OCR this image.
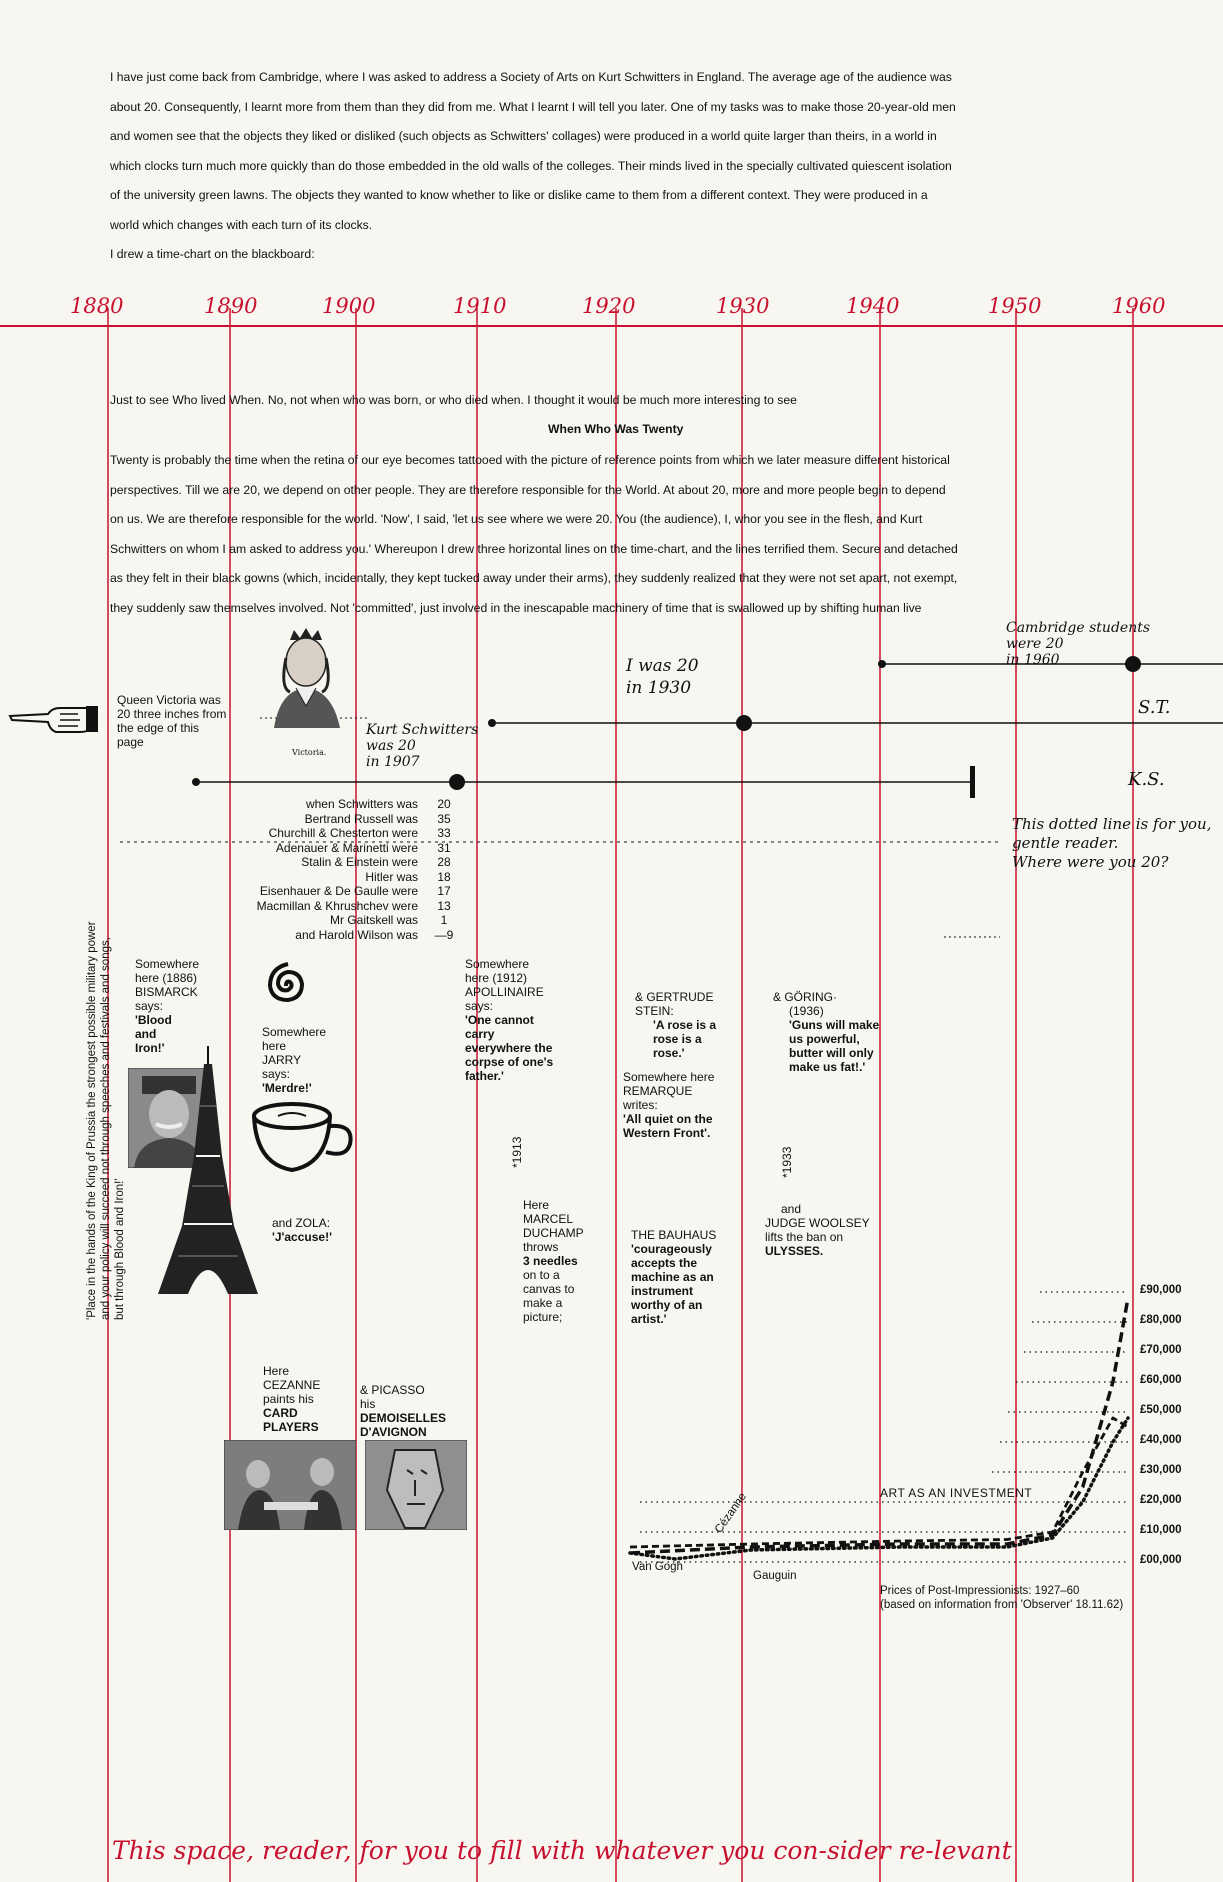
I have just come back from Cambridge, where I was asked to address a Society of Arts on Kurt Schwitters in England. The average age of the audience was
about 20. Consequently, I learnt more from them than they did from me. What I learnt I will tell you later. One of my tasks was to make those 20-year-old men
and women see that the objects they liked or disliked (such objects as Schwitters' collages) were produced in a world quite larger than theirs, in a world in
which clocks turn much more quickly than do those embedded in the old walls of the colleges. Their minds lived in the specially cultivated quiescent isolation
of the university green lawns. The objects they wanted to know whether to like or dislike came to them from a different context. They were produced in a
world which changes with each turn of its clocks.
I drew a time-chart on the blackboard:
1880	1890	1900	1910	1920	1930	1940	1950	1960
Just to see Who lived When. No, not when who was born, or who died when. I thought it would be much more interesting to see
When Who Was Twenty
Twenty is probably the time when the retina of our eye becomes tattooed with the picture of reference points from which we later measure different historical
perspectives. Till we are 20, we depend on other people. They are therefore responsible for the World. At about 20, more and more people begin to depend
on us. We are therefore responsible for the world. 'Now', I said, 'let us see where we were 20. You (the audience), I, whor you see in the flesh, and Kurt
Schwitters on whom I am asked to address you.' Whereupon I drew three horizontal lines on the time-chart, and the lines terrified them. Secure and detached
as they felt in their black gowns (which, incidentally, they kept tucked away under their arms), they suddenly realized that they were not set apart, not exempt,
they suddenly saw themselves involved. Not 'committed', just involved in the inescapable machinery of time that is swallowed up by shifting human live
Queen Victoria was 20 three inches from the edge of this page
Victoria.
Kurt Schwitters
was 20
in 1907
I was 20
in 1930
Cambridge students
were 20
in 1960
S.T.
K.S.
This dotted line is for you,
gentle reader.
Where were you 20?
when Schwitters was	20
Bertrand Russell was	35
Churchill & Chesterton were	33
Adenauer & Marinetti were	31
Stalin & Einstein were	28
Hitler was	18
Eisenhauer & De Gaulle were	17
Macmillan & Khrushchev were	13
Mr Gaitskell was	1
and Harold Wilson was —9
'Place in the hands of the King of Prussia the strongest possible military power and your policy will succeed not through speeches and festivals and songs, but through Blood and Iron!'
Somewhere here (1886)
BISMARCK
says:
'Blood and Iron!'
Somewhere here
JARRY
says:
'Merdre!'
and ZOLA:
'J'accuse!'
Here
CEZANNE
paints his
CARD PLAYERS
& PICASSO
his
DEMOISELLES D'AVIGNON
Somewhere here (1912)
APOLLINAIRE
says:
'One cannot carry everywhere the corpse of one's father.'
*1913
Here
MARCEL DUCHAMP
throws
3 needles
on to a canvas to make a picture;
& GERTRUDE STEIN:
'A rose is a rose is a rose.'
Somewhere here
REMARQUE
writes:
'All quiet on the Western Front'.
THE BAUHAUS
'courageously accepts the machine as an instrument worthy of an artist.'
& GÖRING·
(1936)
'Guns will make us powerful, butter will only make us fat!.'
*1933
and
JUDGE WOOLSEY
lifts the ban on
ULYSSES.
£90,000
£80,000
£70,000
£60,000
£50,000
£40,000
£30,000
£20,000
£10,000
£00,000
ART AS AN INVESTMENT
Cézanne
Van Gogh
Gauguin
Prices of Post-Impressionists: 1927–60
(based on information from 'Observer' 18.11.62)
This space, reader, for you to fill with whatever you con-sider re-levant
